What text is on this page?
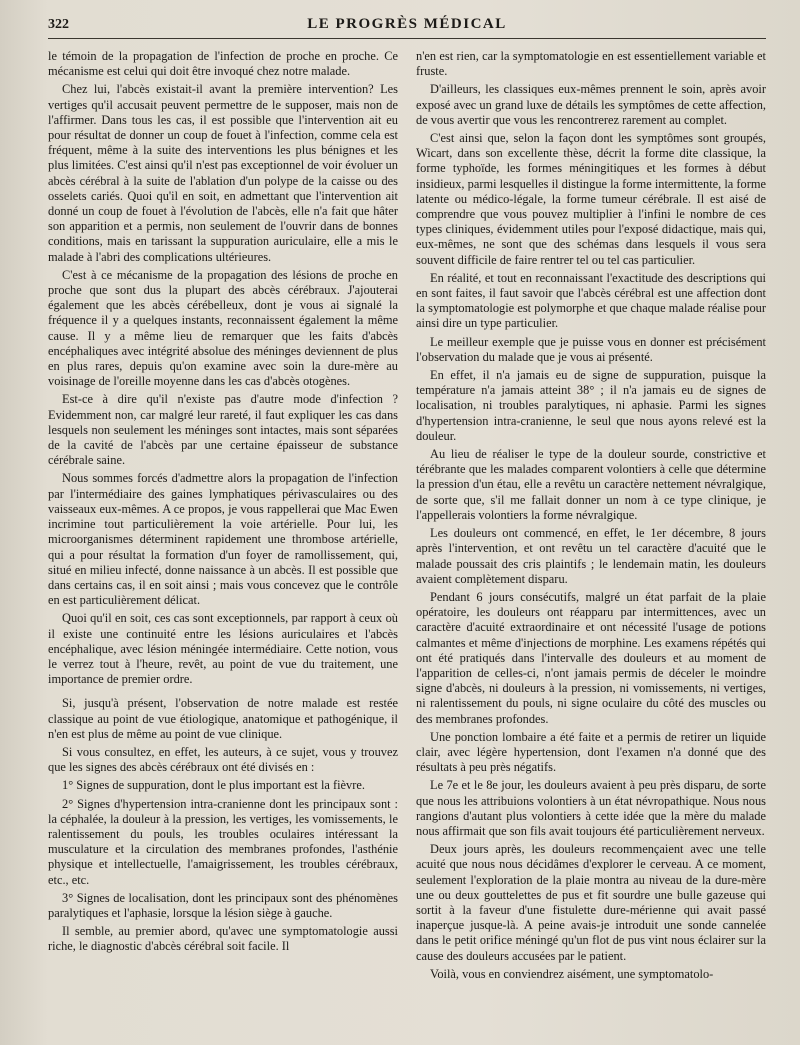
322	LE PROGRÈS MÉDICAL

le témoin de la propagation de l'infection de proche en proche. Ce mécanisme est celui qui doit être invoqué chez notre malade.

Chez lui, l'abcès existait-il avant la première intervention? Les vertiges qu'il accusait peuvent permettre de le supposer, mais non de l'affirmer. Dans tous les cas, il est possible que l'intervention ait eu pour résultat de donner un coup de fouet à l'infection, comme cela est fréquent, même à la suite des interventions les plus bénignes et les plus limitées. C'est ainsi qu'il n'est pas exceptionnel de voir évoluer un abcès cérébral à la suite de l'ablation d'un polype de la caisse ou des osselets cariés. Quoi qu'il en soit, en admettant que l'intervention ait donné un coup de fouet à l'évolution de l'abcès, elle n'a fait que hâter son apparition et a permis, non seulement de l'ouvrir dans de bonnes conditions, mais en tarissant la suppuration auriculaire, elle a mis le malade à l'abri des complications ultérieures.

C'est à ce mécanisme de la propagation des lésions de proche en proche que sont dus la plupart des abcès cérébraux. J'ajouterai également que les abcès cérébelleux, dont je vous ai signalé la fréquence il y a quelques instants, reconnaissent également la même cause. Il y a même lieu de remarquer que les faits d'abcès encéphaliques avec intégrité absolue des méninges deviennent de plus en plus rares, depuis qu'on examine avec soin la dure-mère au voisinage de l'oreille moyenne dans les cas d'abcès otogènes.

Est-ce à dire qu'il n'existe pas d'autre mode d'infection ? Evidemment non, car malgré leur rareté, il faut expliquer les cas dans lesquels non seulement les méninges sont intactes, mais sont séparées de la cavité de l'abcès par une certaine épaisseur de substance cérébrale saine.

Nous sommes forcés d'admettre alors la propagation de l'infection par l'intermédiaire des gaines lymphatiques périvasculaires ou des vaisseaux eux-mêmes. A ce propos, je vous rappellerai que Mac Ewen incrimine tout particulièrement la voie artérielle. Pour lui, les microorganismes déterminent rapidement une thrombose artérielle, qui a pour résultat la formation d'un foyer de ramollissement, qui, situé en milieu infecté, donne naissance à un abcès. Il est possible que dans certains cas, il en soit ainsi ; mais vous concevez que le contrôle en est particulièrement délicat.

Quoi qu'il en soit, ces cas sont exceptionnels, par rapport à ceux où il existe une continuité entre les lésions auriculaires et l'abcès encéphalique, avec lésion méningée intermédiaire. Cette notion, vous le verrez tout à l'heure, revêt, au point de vue du traitement, une importance de premier ordre.

Si, jusqu'à présent, l'observation de notre malade est restée classique au point de vue étiologique, anatomique et pathogénique, il n'en est plus de même au point de vue clinique.

Si vous consultez, en effet, les auteurs, à ce sujet, vous y trouvez que les signes des abcès cérébraux ont été divisés en :

1° Signes de suppuration, dont le plus important est la fièvre.

2° Signes d'hypertension intra-cranienne dont les principaux sont : la céphalée, la douleur à la pression, les vertiges, les vomissements, le ralentissement du pouls, les troubles oculaires intéressant la musculature et la circulation des membranes profondes, l'asthénie physique et intellectuelle, l'amaigrissement, les troubles cérébraux, etc., etc.

3° Signes de localisation, dont les principaux sont des phénomènes paralytiques et l'aphasie, lorsque la lésion siège à gauche.

Il semble, au premier abord, qu'avec une symptomatologie aussi riche, le diagnostic d'abcès cérébral soit facile. Il

n'en est rien, car la symptomatologie en est essentiellement variable et fruste.

D'ailleurs, les classiques eux-mêmes prennent le soin, après avoir exposé avec un grand luxe de détails les symptômes de cette affection, de vous avertir que vous les rencontrerez rarement au complet.

C'est ainsi que, selon la façon dont les symptômes sont groupés, Wicart, dans son excellente thèse, décrit la forme dite classique, la forme typhoïde, les formes méningitiques et les formes à début insidieux, parmi lesquelles il distingue la forme intermittente, la forme latente ou médico-légale, la forme tumeur cérébrale. Il est aisé de comprendre que vous pouvez multiplier à l'infini le nombre de ces types cliniques, évidemment utiles pour l'exposé didactique, mais qui, eux-mêmes, ne sont que des schémas dans lesquels il vous sera souvent difficile de faire rentrer tel ou tel cas particulier.

En réalité, et tout en reconnaissant l'exactitude des descriptions qui en sont faites, il faut savoir que l'abcès cérébral est une affection dont la symptomatologie est polymorphe et que chaque malade réalise pour ainsi dire un type particulier.

Le meilleur exemple que je puisse vous en donner est précisément l'observation du malade que je vous ai présenté.

En effet, il n'a jamais eu de signe de suppuration, puisque la température n'a jamais atteint 38° ; il n'a jamais eu de signes de localisation, ni troubles paralytiques, ni aphasie. Parmi les signes d'hypertension intra-cranienne, le seul que nous ayons relevé est la douleur.

Au lieu de réaliser le type de la douleur sourde, constrictive et térébrante que les malades comparent volontiers à celle que détermine la pression d'un étau, elle a revêtu un caractère nettement névralgique, de sorte que, s'il me fallait donner un nom à ce type clinique, je l'appellerais volontiers la forme névralgique.

Les douleurs ont commencé, en effet, le 1er décembre, 8 jours après l'intervention, et ont revêtu un tel caractère d'acuité que le malade poussait des cris plaintifs ; le lendemain matin, les douleurs avaient complètement disparu.

Pendant 6 jours consécutifs, malgré un état parfait de la plaie opératoire, les douleurs ont réapparu par intermittences, avec un caractère d'acuité extraordinaire et ont nécessité l'usage de potions calmantes et même d'injections de morphine. Les examens répétés qui ont été pratiqués dans l'intervalle des douleurs et au moment de l'apparition de celles-ci, n'ont jamais permis de déceler le moindre signe d'abcès, ni douleurs à la pression, ni vomissements, ni vertiges, ni ralentissement du pouls, ni signe oculaire du côté des muscles ou des membranes profondes.

Une ponction lombaire a été faite et a permis de retirer un liquide clair, avec légère hypertension, dont l'examen n'a donné que des résultats à peu près négatifs.

Le 7e et le 8e jour, les douleurs avaient à peu près disparu, de sorte que nous les attribuions volontiers à un état névropathique. Nous nous rangions d'autant plus volontiers à cette idée que la mère du malade nous affirmait que son fils avait toujours été particulièrement nerveux.

Deux jours après, les douleurs recommençaient avec une telle acuité que nous nous décidâmes d'explorer le cerveau. A ce moment, seulement l'exploration de la plaie montra au niveau de la dure-mère une ou deux gouttelettes de pus et fit sourdre une bulle gazeuse qui sortit à la faveur d'une fistulette dure-mérienne qui avait passé inaperçue jusque-là. A peine avais-je introduit une sonde cannelée dans le petit orifice méningé qu'un flot de pus vint nous éclairer sur la cause des douleurs accusées par le patient.

Voilà, vous en conviendrez aisément, une symptomatolo-
